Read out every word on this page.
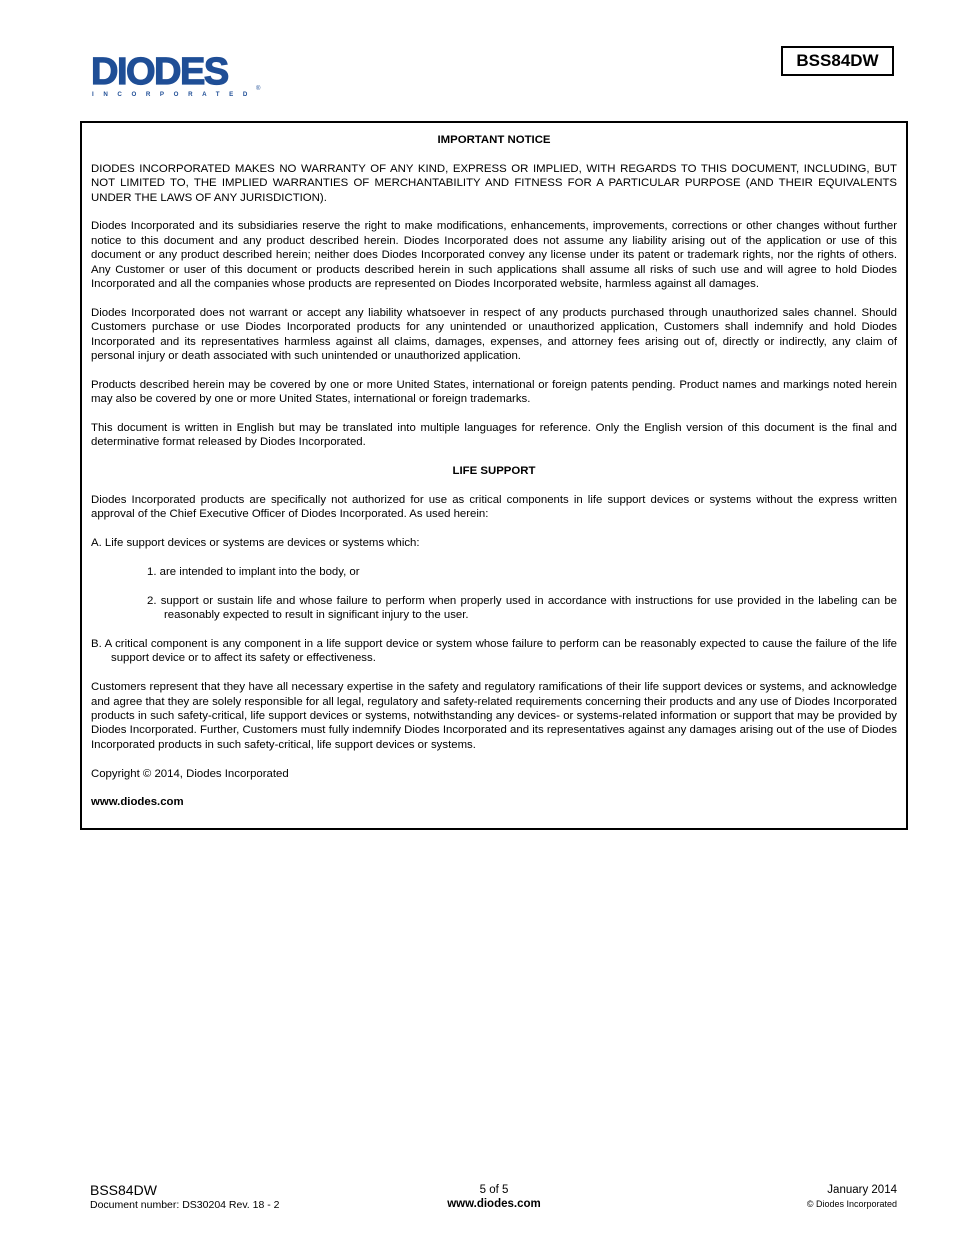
DIODES
INCORPORATED
®
BSS84DW

IMPORTANT NOTICE

DIODES INCORPORATED MAKES NO WARRANTY OF ANY KIND, EXPRESS OR IMPLIED, WITH REGARDS TO THIS DOCUMENT, INCLUDING, BUT NOT LIMITED TO, THE IMPLIED WARRANTIES OF MERCHANTABILITY AND FITNESS FOR A PARTICULAR PURPOSE (AND THEIR EQUIVALENTS UNDER THE LAWS OF ANY JURISDICTION).

Diodes Incorporated and its subsidiaries reserve the right to make modifications, enhancements, improvements, corrections or other changes without further notice to this document and any product described herein. Diodes Incorporated does not assume any liability arising out of the application or use of this document or any product described herein; neither does Diodes Incorporated convey any license under its patent or trademark rights, nor the rights of others. Any Customer or user of this document or products described herein in such applications shall assume all risks of such use and will agree to hold Diodes Incorporated and all the companies whose products are represented on Diodes Incorporated website, harmless against all damages.

Diodes Incorporated does not warrant or accept any liability whatsoever in respect of any products purchased through unauthorized sales channel. Should Customers purchase or use Diodes Incorporated products for any unintended or unauthorized application, Customers shall indemnify and hold Diodes Incorporated and its representatives harmless against all claims, damages, expenses, and attorney fees arising out of, directly or indirectly, any claim of personal injury or death associated with such unintended or unauthorized application.

Products described herein may be covered by one or more United States, international or foreign patents pending. Product names and markings noted herein may also be covered by one or more United States, international or foreign trademarks.

This document is written in English but may be translated into multiple languages for reference. Only the English version of this document is the final and determinative format released by Diodes Incorporated.

LIFE SUPPORT

Diodes Incorporated products are specifically not authorized for use as critical components in life support devices or systems without the express written approval of the Chief Executive Officer of Diodes Incorporated. As used herein:

A. Life support devices or systems are devices or systems which:

1. are intended to implant into the body, or

2. support or sustain life and whose failure to perform when properly used in accordance with instructions for use provided in the labeling can be reasonably expected to result in significant injury to the user.

B. A critical component is any component in a life support device or system whose failure to perform can be reasonably expected to cause the failure of the life support device or to affect its safety or effectiveness.

Customers represent that they have all necessary expertise in the safety and regulatory ramifications of their life support devices or systems, and acknowledge and agree that they are solely responsible for all legal, regulatory and safety-related requirements concerning their products and any use of Diodes Incorporated products in such safety-critical, life support devices or systems, notwithstanding any devices- or systems-related information or support that may be provided by Diodes Incorporated. Further, Customers must fully indemnify Diodes Incorporated and its representatives against any damages arising out of the use of Diodes Incorporated products in such safety-critical, life support devices or systems.

Copyright © 2014, Diodes Incorporated

www.diodes.com

BSS84DW
Document number: DS30204 Rev. 18 - 2
5 of 5
www.diodes.com
January 2014
© Diodes Incorporated
